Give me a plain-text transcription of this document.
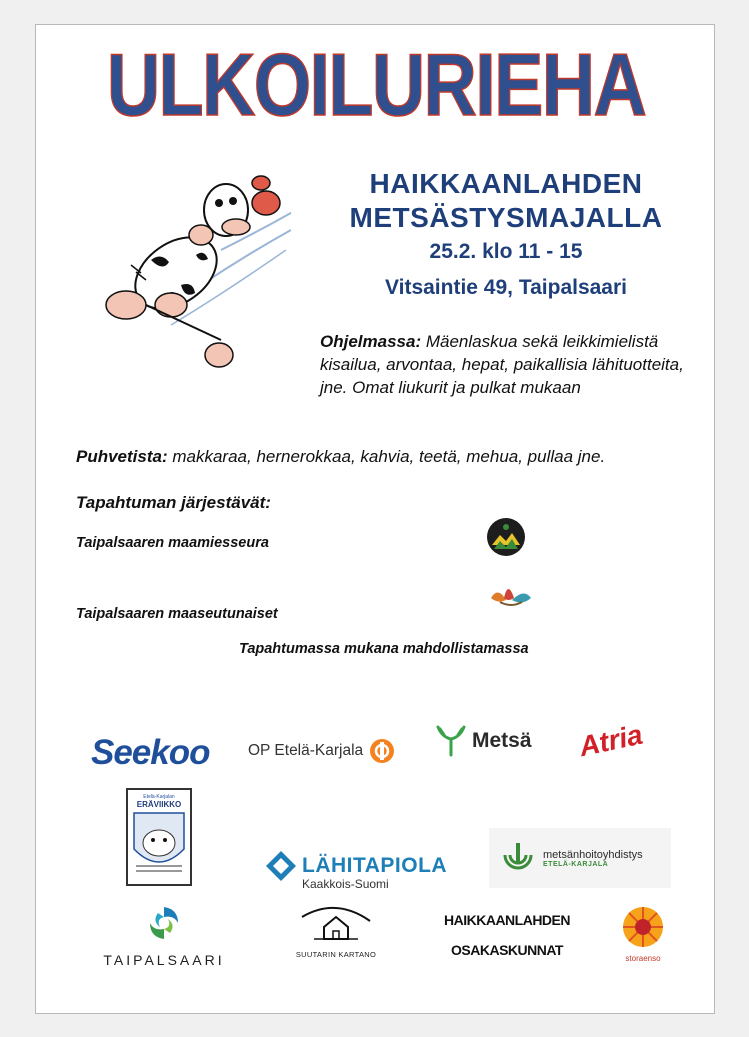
ULKOILURIEHA
HAIKKAANLAHDEN
METSÄSTYSMAJALLA
25.2. klo 11 - 15
Vitsaintie 49, Taipalsaari
Ohjelmassa: Mäenlaskua sekä leikkimielistä kisailua, arvontaa, hepat, paikallisia lähituotteita, jne. Omat liukurit ja pulkat mukaan
Puhvetista: makkaraa, hernerokkaa, kahvia, teetä, mehua, pullaa jne.
Tapahtuman järjestävät:
Taipalsaaren maamiesseura
Taipalsaaren maaseutunaiset
Tapahtumassa mukana mahdollistamassa
Seekoo OP Etelä-Karjala	Metsä Atria
Etelä-Karjalan
ERÄVIIKKO
LÄHITAPIOLA
Kaakkois-Suomi
metsänhoitoyhdistys
ETELÄ-KARJALA
TAIPALSAARI	SUUTARIN KARTANO
HAIKKAANLAHDEN
OSAKASKUNNAT
storaenso
